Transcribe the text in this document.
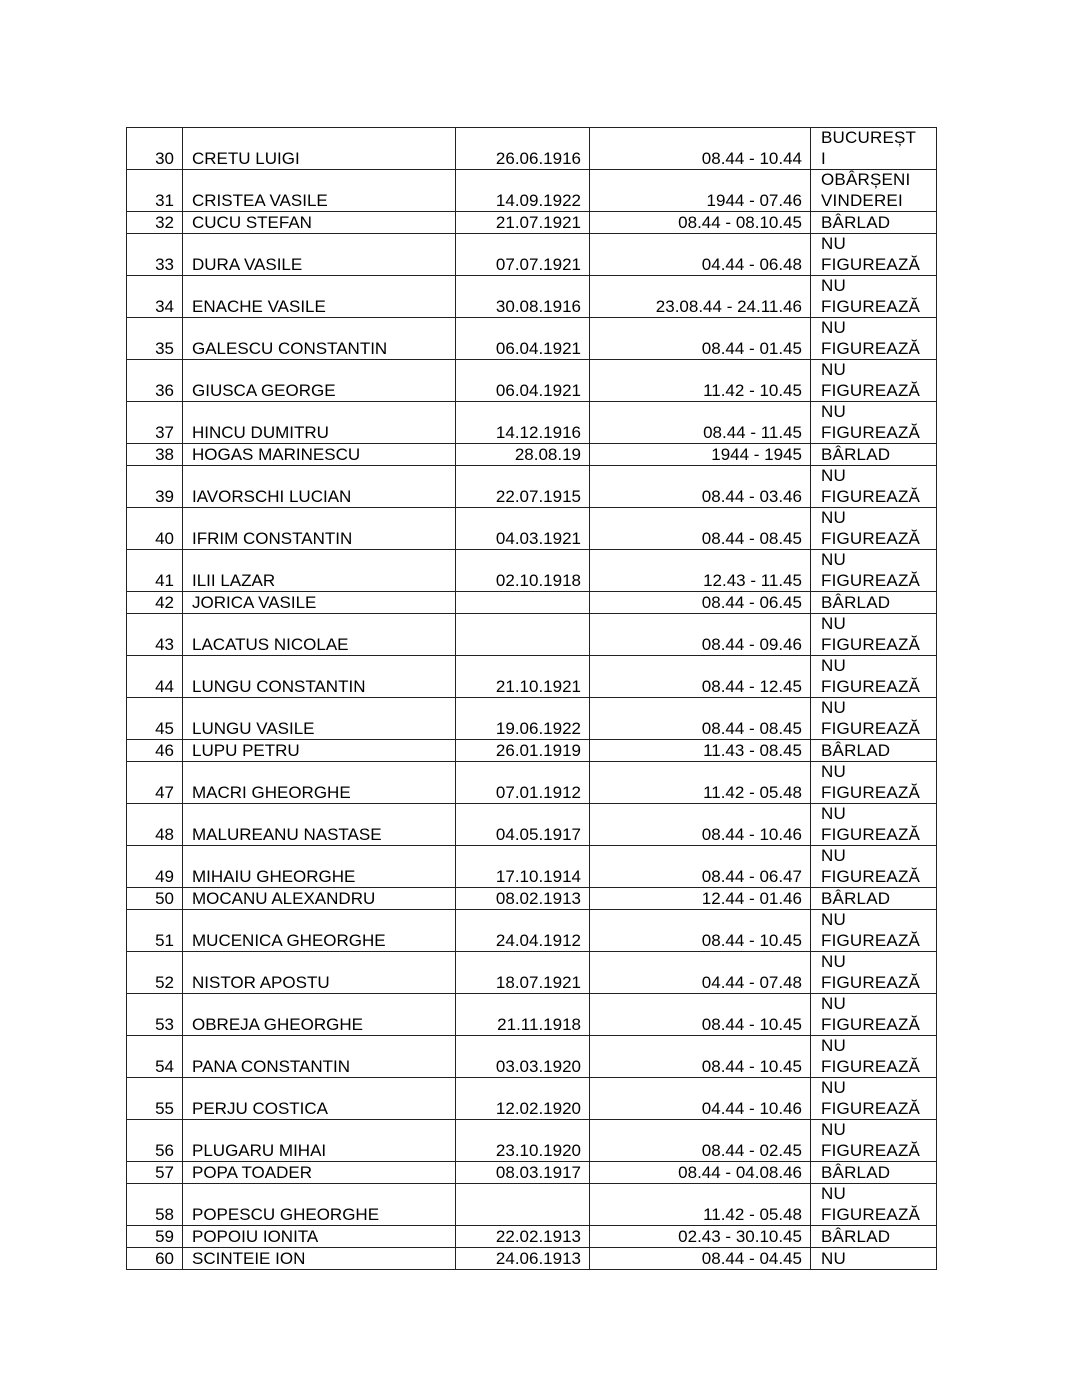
30	CRETU LUIGI	26.06.1916	08.44 - 10.44	BUCUREȘT
I
31	CRISTEA VASILE	14.09.1922	1944 - 07.46	OBÂRȘENI
VINDEREI
32	CUCU STEFAN	21.07.1921	08.44 - 08.10.45	BÂRLAD
33	DURA VASILE	07.07.1921	04.44 - 06.48	NU
FIGUREAZĂ
34	ENACHE VASILE	30.08.1916	23.08.44 - 24.11.46	NU
FIGUREAZĂ
35	GALESCU CONSTANTIN	06.04.1921	08.44 - 01.45	NU
FIGUREAZĂ
36	GIUSCA GEORGE	06.04.1921	11.42 - 10.45	NU
FIGUREAZĂ
37	HINCU DUMITRU	14.12.1916	08.44 - 11.45	NU
FIGUREAZĂ
38	HOGAS MARINESCU	28.08.19	1944 - 1945	BÂRLAD
39	IAVORSCHI LUCIAN	22.07.1915	08.44 - 03.46	NU
FIGUREAZĂ
40	IFRIM CONSTANTIN	04.03.1921	08.44 - 08.45	NU
FIGUREAZĂ
41	ILII LAZAR	02.10.1918	12.43 - 11.45	NU
FIGUREAZĂ
42	JORICA VASILE		08.44 - 06.45	BÂRLAD
43	LACATUS NICOLAE		08.44 - 09.46	NU
FIGUREAZĂ
44	LUNGU CONSTANTIN	21.10.1921	08.44 - 12.45	NU
FIGUREAZĂ
45	LUNGU VASILE	19.06.1922	08.44 - 08.45	NU
FIGUREAZĂ
46	LUPU PETRU	26.01.1919	11.43 - 08.45	BÂRLAD
47	MACRI GHEORGHE	07.01.1912	11.42 - 05.48	NU
FIGUREAZĂ
48	MALUREANU NASTASE	04.05.1917	08.44 - 10.46	NU
FIGUREAZĂ
49	MIHAIU GHEORGHE	17.10.1914	08.44 - 06.47	NU
FIGUREAZĂ
50	MOCANU ALEXANDRU	08.02.1913	12.44 - 01.46	BÂRLAD
51	MUCENICA GHEORGHE	24.04.1912	08.44 - 10.45	NU
FIGUREAZĂ
52	NISTOR APOSTU	18.07.1921	04.44 - 07.48	NU
FIGUREAZĂ
53	OBREJA GHEORGHE	21.11.1918	08.44 - 10.45	NU
FIGUREAZĂ
54	PANA CONSTANTIN	03.03.1920	08.44 - 10.45	NU
FIGUREAZĂ
55	PERJU COSTICA	12.02.1920	04.44 - 10.46	NU
FIGUREAZĂ
56	PLUGARU MIHAI	23.10.1920	08.44 - 02.45	NU
FIGUREAZĂ
57	POPA TOADER	08.03.1917	08.44 - 04.08.46	BÂRLAD
58	POPESCU GHEORGHE		11.42 - 05.48	NU
FIGUREAZĂ
59	POPOIU IONITA	22.02.1913	02.43 - 30.10.45	BÂRLAD
60	SCINTEIE ION	24.06.1913	08.44 - 04.45	NU
